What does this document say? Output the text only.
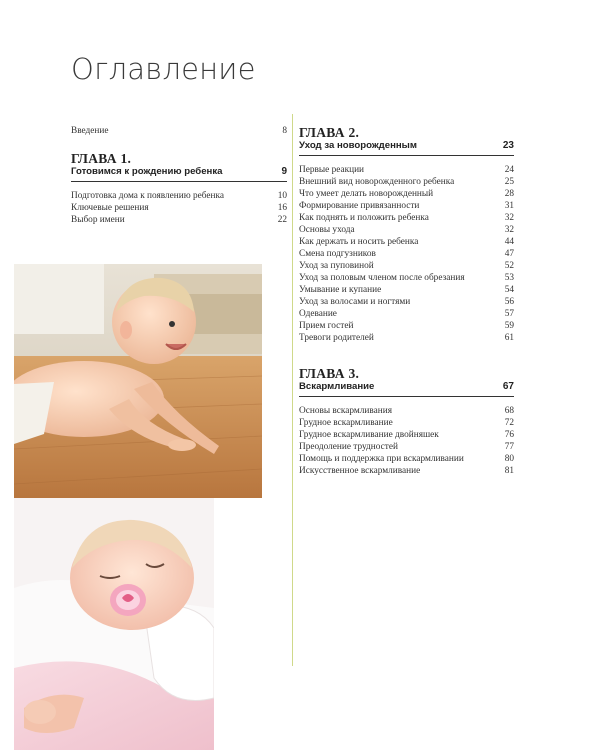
Оглавление
Введение	8
ГЛАВА 1.
Готовимся к рождению ребенка	9
Подготовка дома к появлению ребенка	10
Ключевые решения	16
Выбор имени	22
ГЛАВА 2.
Уход за новорожденным	23
Первые реакции	24
Внешний вид новорожденного ребенка	25
Что умеет делать новорожденный	28
Формирование привязанности	31
Как поднять и положить ребенка	32
Основы ухода	32
Как держать и носить ребенка	44
Смена подгузников	47
Уход за пуповиной	52
Уход за половым членом после обрезания	53
Умывание и купание	54
Уход за волосами и ногтями	56
Одевание	57
Прием гостей	59
Тревоги родителей	61
ГЛАВА 3.
Вскармливание	67
Основы вскармливания	68
Грудное вскармливание	72
Грудное вскармливание двойняшек	76
Преодоление трудностей	77
Помощь и поддержка при вскармливании	80
Искусственное вскармливание	81
